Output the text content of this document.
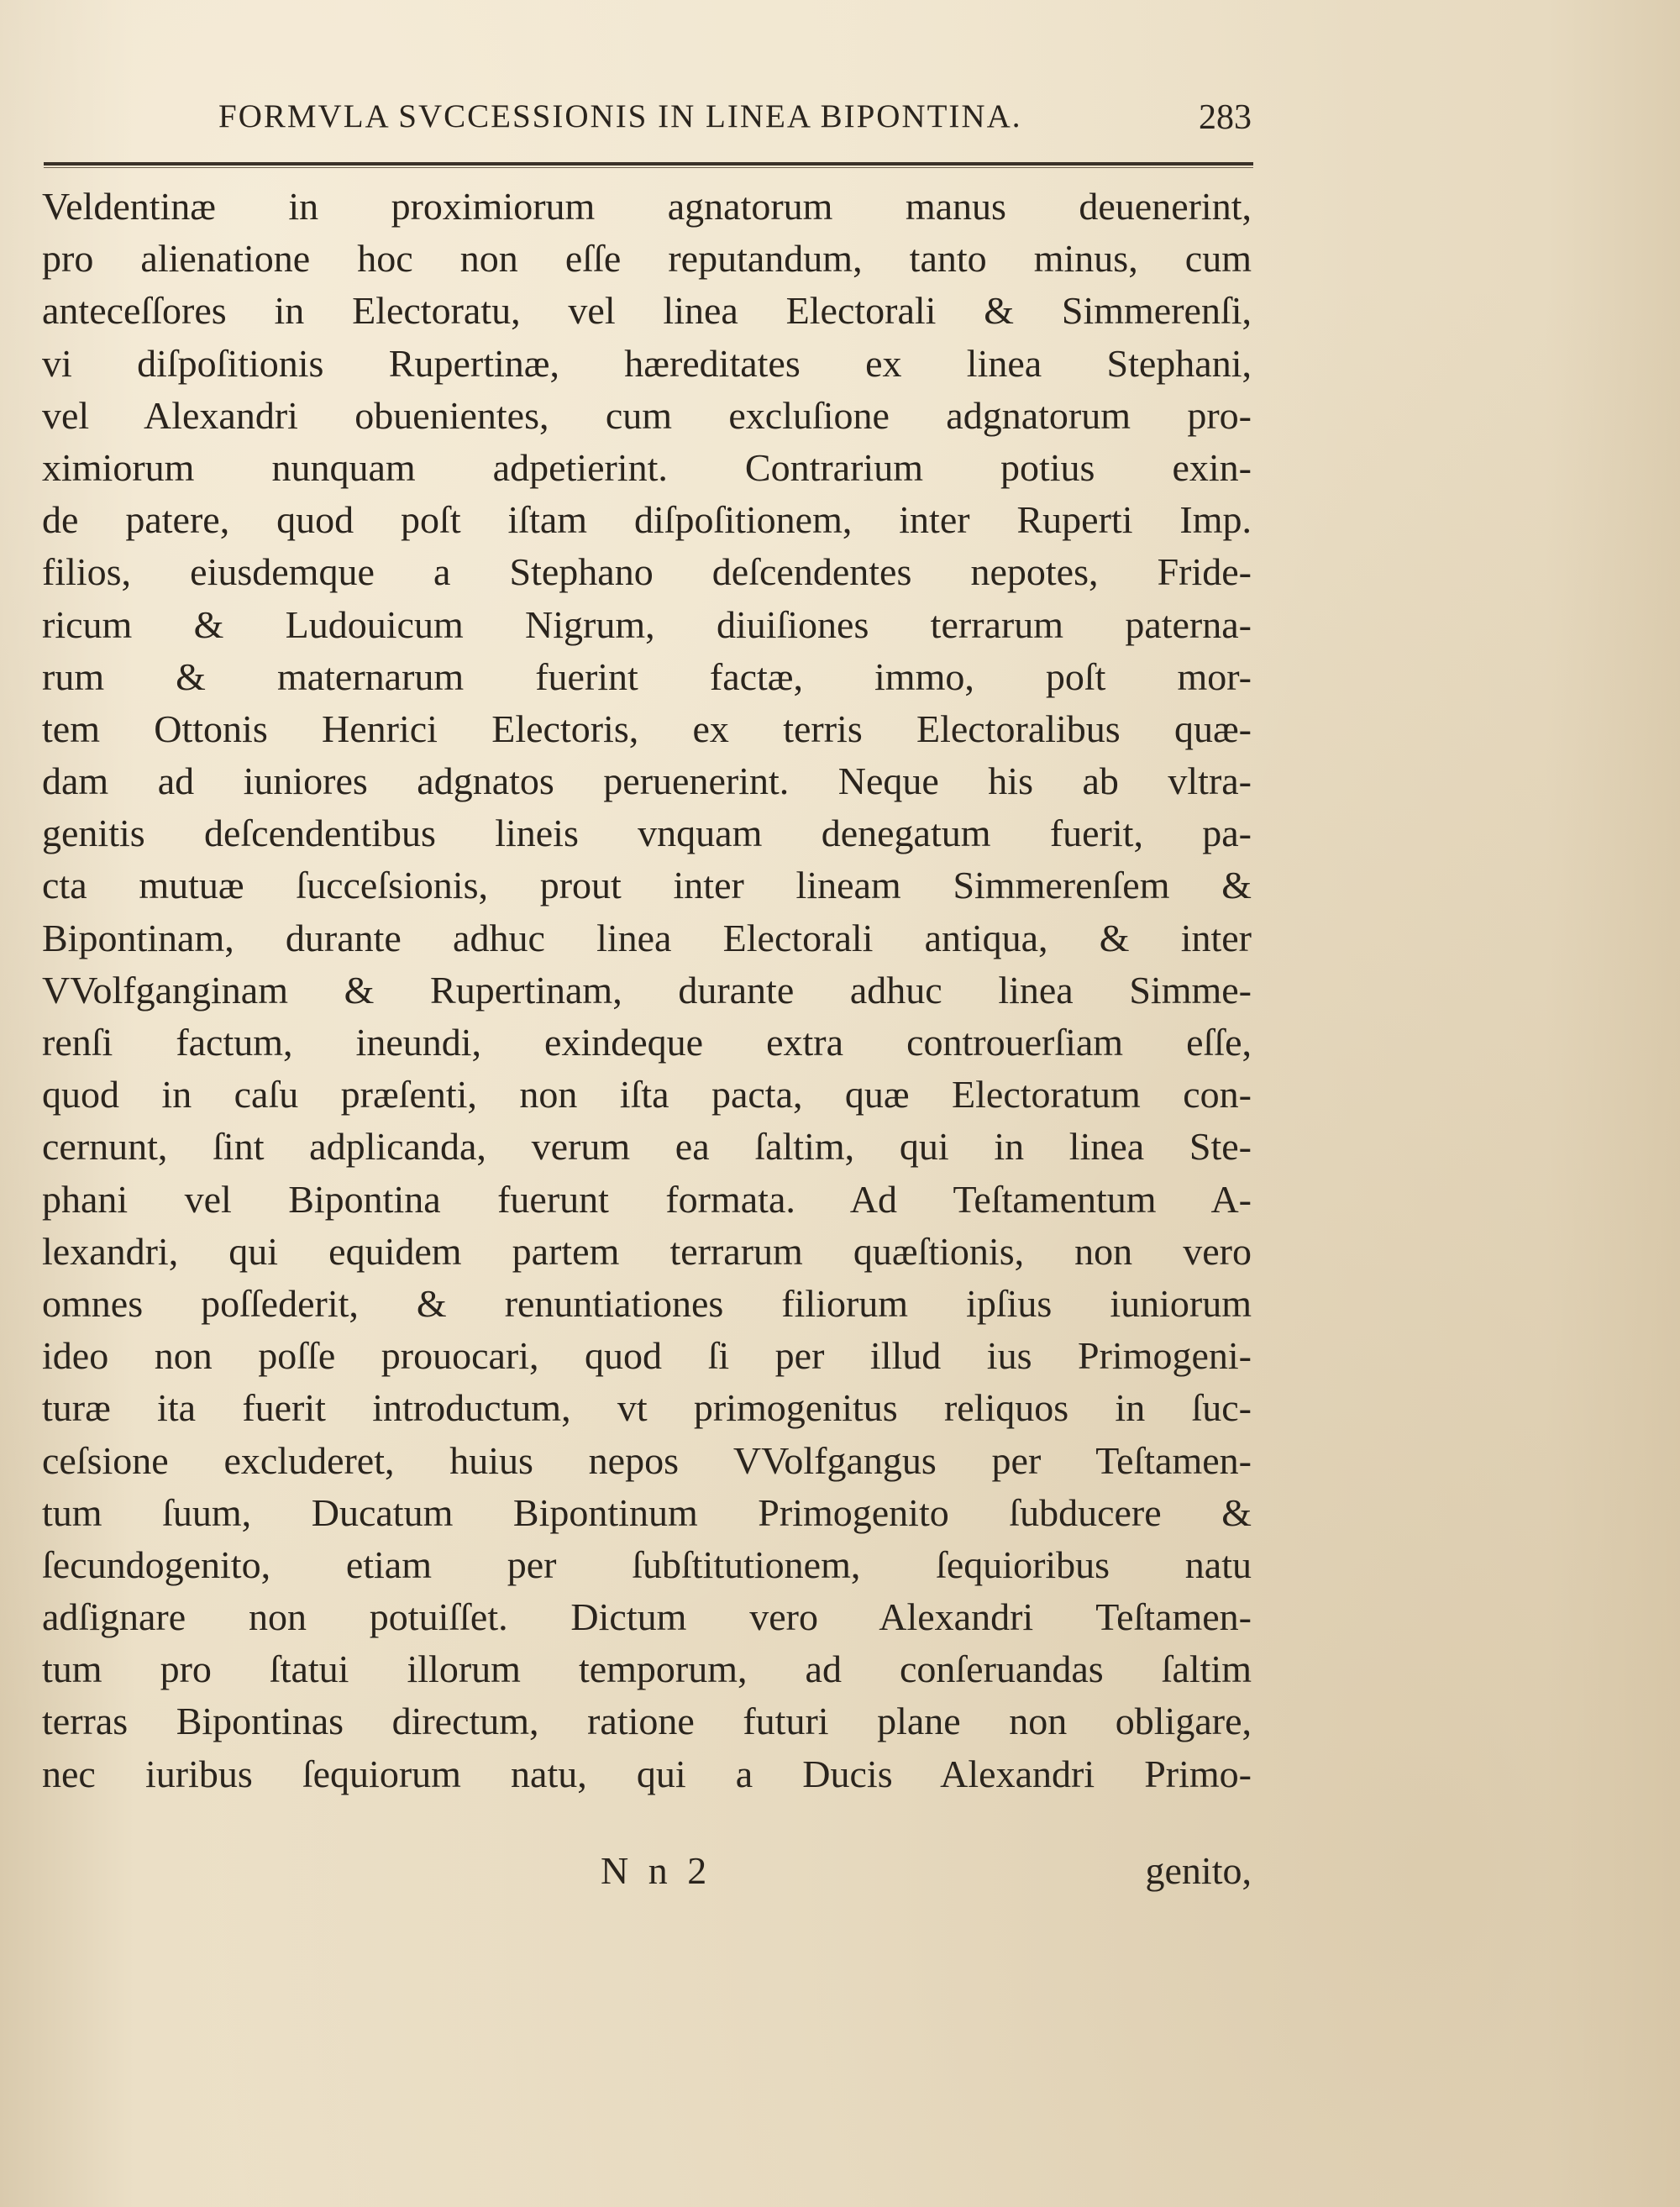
FORMVLA SVCCESSIONIS IN LINEA BIPONTINA.	283
Veldentinæ in proximiorum agnatorum manus deuenerint,
pro alienatione hoc non eſſe reputandum, tanto minus, cum
anteceſſores in Electoratu, vel linea Electorali & Simmerenſi,
vi diſpoſitionis Rupertinæ, hæreditates ex linea Stephani,
vel Alexandri obuenientes, cum excluſione adgnatorum pro-
ximiorum nunquam adpetierint. Contrarium potius exin-
de patere, quod poſt iſtam diſpoſitionem, inter Ruperti Imp.
filios, eiusdemque a Stephano deſcendentes nepotes, Fride-
ricum & Ludouicum Nigrum, diuiſiones terrarum paterna-
rum & maternarum fuerint factæ, immo, poſt mor-
tem Ottonis Henrici Electoris, ex terris Electoralibus quæ-
dam ad iuniores adgnatos peruenerint. Neque his ab vltra-
genitis deſcendentibus lineis vnquam denegatum fuerit, pa-
cta mutuæ ſucceſsionis, prout inter lineam Simmerenſem &
Bipontinam, durante adhuc linea Electorali antiqua, & inter
VVolfganginam & Rupertinam, durante adhuc linea Simme-
renſi factum, ineundi, exindeque extra controuerſiam eſſe,
quod in caſu præſenti, non iſta pacta, quæ Electoratum con-
cernunt, ſint adplicanda, verum ea ſaltim, qui in linea Ste-
phani vel Bipontina fuerunt formata. Ad Teſtamentum A-
lexandri, qui equidem partem terrarum quæſtionis, non vero
omnes poſſederit, & renuntiationes filiorum ipſius iuniorum
ideo non poſſe prouocari, quod ſi per illud ius Primogeni-
turæ ita fuerit introductum, vt primogenitus reliquos in ſuc-
ceſsione excluderet, huius nepos VVolfgangus per Teſtamen-
tum ſuum, Ducatum Bipontinum Primogenito ſubducere &
ſecundogenito, etiam per ſubſtitutionem, ſequioribus natu
adſignare non potuiſſet. Dictum vero Alexandri Teſtamen-
tum pro ſtatui illorum temporum, ad conſeruandas ſaltim
terras Bipontinas directum, ratione futuri plane non obligare,
nec iuribus ſequiorum natu, qui a Ducis Alexandri Primo-
N n 2	genito,
